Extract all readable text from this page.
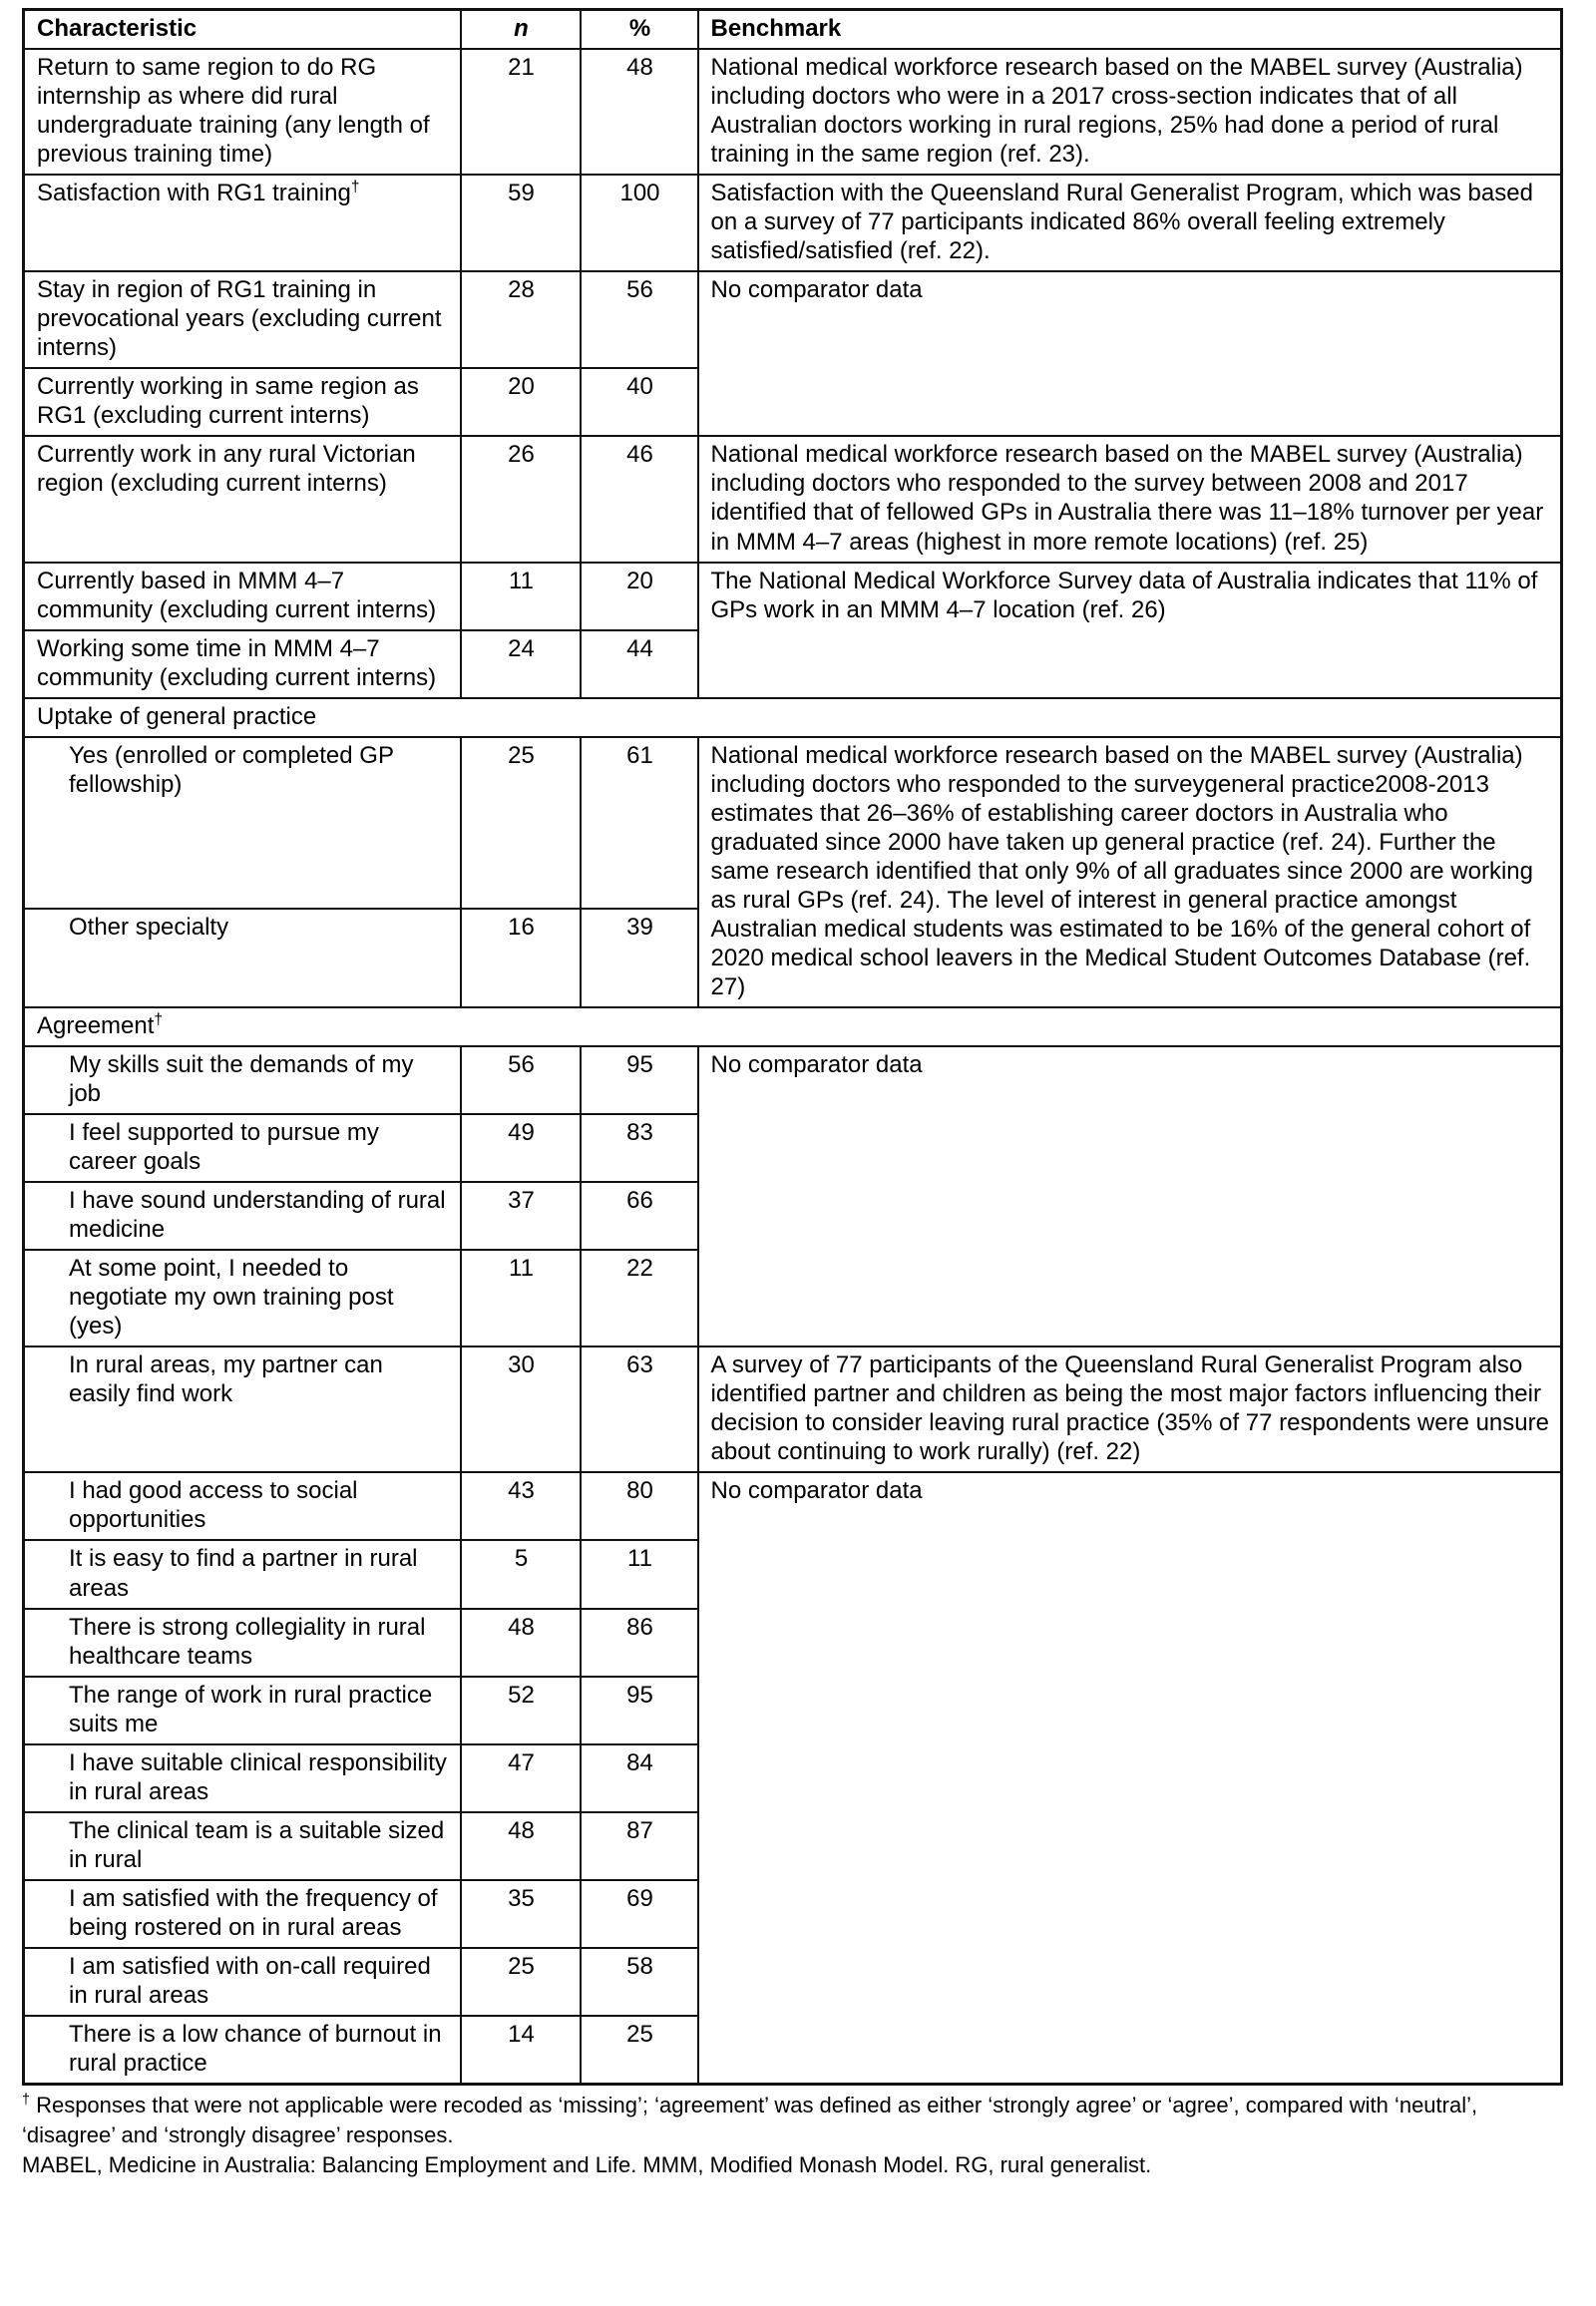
Characteristic	n	%	Benchmark
Return to same region to do RG internship as where did rural undergraduate training (any length of previous training time)	21	48	National medical workforce research based on the MABEL survey (Australia) including doctors who were in a 2017 cross-section indicates that of all Australian doctors working in rural regions, 25% had done a period of rural training in the same region (ref. 23).
Satisfaction with RG1 training†	59	100	Satisfaction with the Queensland Rural Generalist Program, which was based on a survey of 77 participants indicated 86% overall feeling extremely satisfied/satisfied (ref. 22).
Stay in region of RG1 training in prevocational years (excluding current interns)	28	56	No comparator data
Currently working in same region as RG1 (excluding current interns)	20	40	
Currently work in any rural Victorian region (excluding current interns)	26	46	National medical workforce research based on the MABEL survey (Australia) including doctors who responded to the survey between 2008 and 2017 identified that of fellowed GPs in Australia there was 11–18% turnover per year in MMM 4–7 areas (highest in more remote locations) (ref. 25)
Currently based in MMM 4–7 community (excluding current interns)	11	20	The National Medical Workforce Survey data of Australia indicates that 11% of GPs work in an MMM 4–7 location (ref. 26)
Working some time in MMM 4–7 community (excluding current interns)	24	44	
Uptake of general practice			
Yes (enrolled or completed GP fellowship)	25	61	National medical workforce research based on the MABEL survey (Australia) including doctors who responded to the surveygeneral practice2008-2013 estimates that 26–36% of establishing career doctors in Australia who graduated since 2000 have taken up general practice (ref. 24). Further the same research identified that only 9% of all graduates since 2000 are working as rural GPs (ref. 24). The level of interest in general practice amongst Australian medical students was estimated to be 16% of the general cohort of 2020 medical school leavers in the Medical Student Outcomes Database (ref. 27)
Other specialty	16	39	
Agreement†
My skills suit the demands of my job	56	95	No comparator data
I feel supported to pursue my career goals	49	83	
I have sound understanding of rural medicine	37	66	
At some point, I needed to negotiate my own training post (yes)	11	22	
In rural areas, my partner can easily find work	30	63	A survey of 77 participants of the Queensland Rural Generalist Program also identified partner and children as being the most major factors influencing their decision to consider leaving rural practice (35% of 77 respondents were unsure about continuing to work rurally) (ref. 22)
I had good access to social opportunities	43	80	No comparator data
It is easy to find a partner in rural areas	5	11	
There is strong collegiality in rural healthcare teams	48	86	
The range of work in rural practice suits me	52	95	
I have suitable clinical responsibility in rural areas	47	84	
The clinical team is a suitable sized in rural	48	87	
I am satisfied with the frequency of being rostered on in rural areas	35	69	
I am satisfied with on-call required in rural areas	25	58	
There is a low chance of burnout in rural practice	14	25	

† Responses that were not applicable were recoded as ‘missing’; ‘agreement’ was defined as either ‘strongly agree’ or ‘agree’, compared with ‘neutral’, ‘disagree’ and ‘strongly disagree’ responses.

MABEL, Medicine in Australia: Balancing Employment and Life. MMM, Modified Monash Model. RG, rural generalist.
